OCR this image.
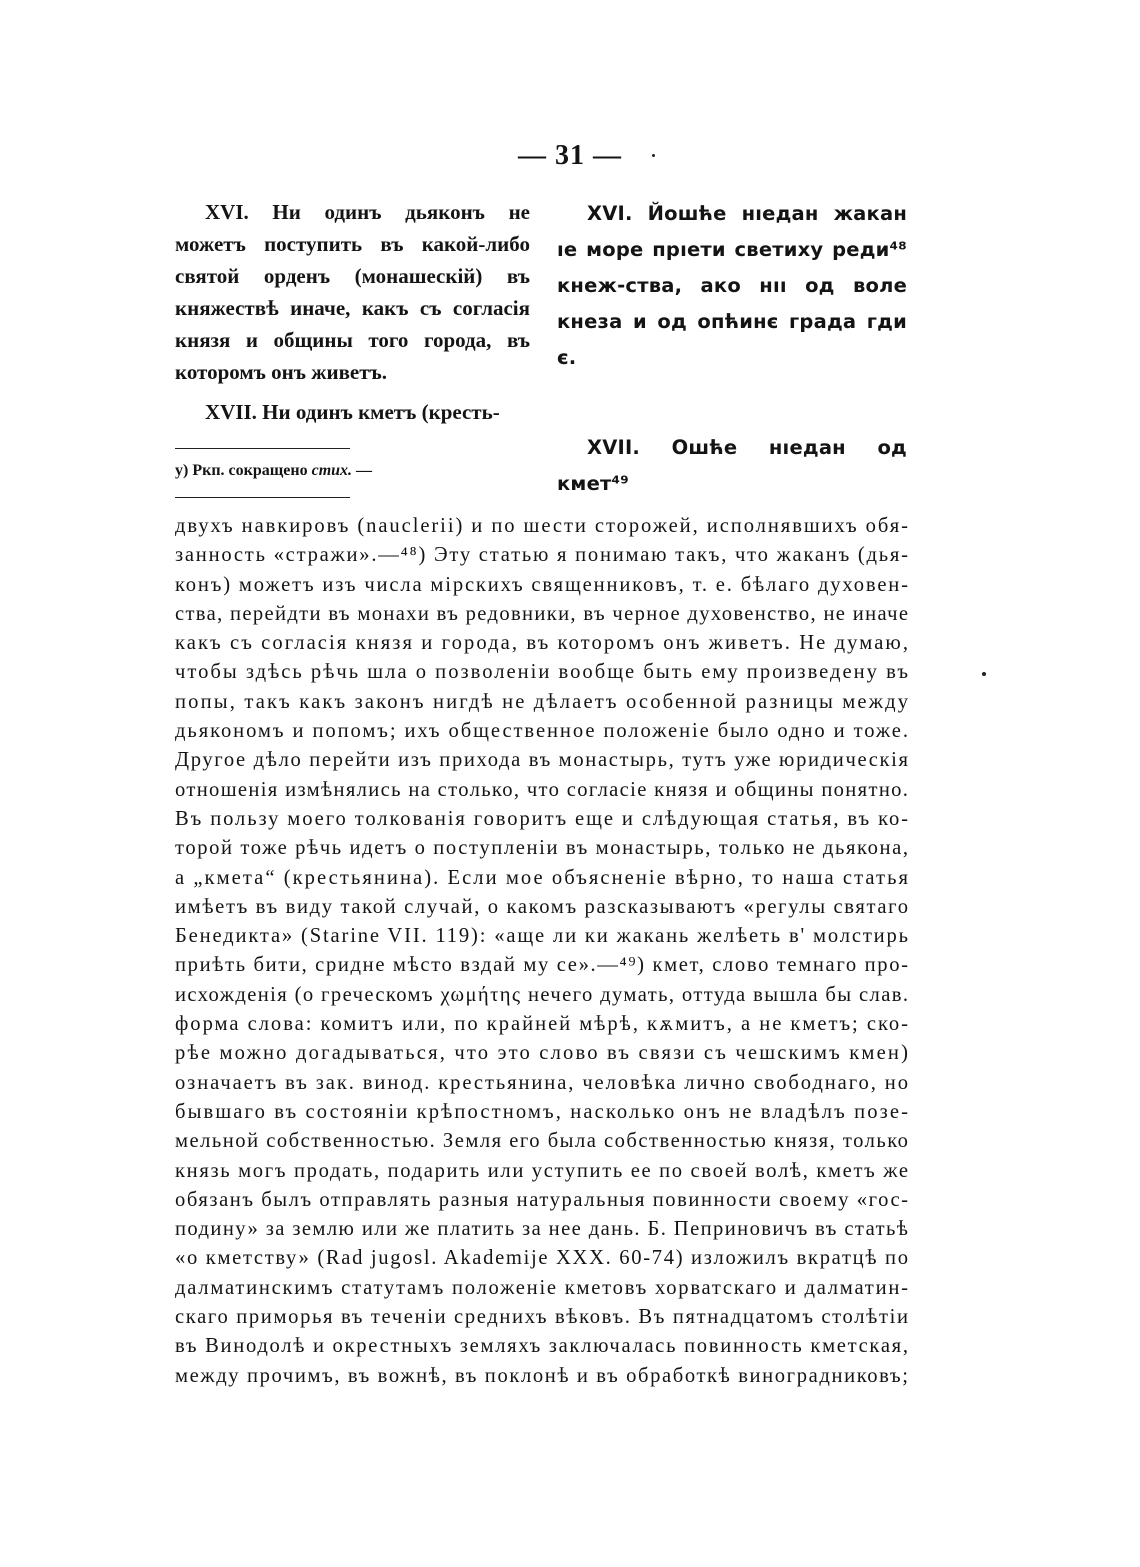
— 31 —

XVI. Ни одинъ дьяконъ не можетъ поступить въ какой-либо святой орденъ (монашескій) въ княжествѣ иначе, какъ съ согласія князя и общины того города, въ которомъ онъ живетъ.

XVII. Ни одинъ кметъ (кресть-

XVI. Йошће нıедан жакан ıе море прıети светиху реди⁴⁸ кнеж-ства, ако нıı од воле кнеза и од опћинє града гди є.

XVII. Ошће нıедан од кмет⁴⁹

у) Ркп. сокращено стих. —
двухъ навкировъ (nauclerii) и по шести сторожей, исполнявшихъ обя-
занность «стражи».—⁴⁸) Эту статью я понимаю такъ, что жаканъ (дья-
конъ) можетъ изъ числа мірскихъ священниковъ, т. е. бѣлаго духовен-
ства, перейдти въ монахи въ редовники, въ черное духовенство, не иначе
какъ съ согласія князя и города, въ которомъ онъ живетъ. Не думаю,
чтобы здѣсь рѣчь шла о позволеніи вообще быть ему произведену въ
попы, такъ какъ законъ нигдѣ не дѣлаетъ особенной разницы между
дьякономъ и попомъ; ихъ общественное положеніе было одно и тоже.
Другое дѣло перейти изъ прихода въ монастырь, тутъ уже юридическія
отношенія измѣнялись на столько, что согласіе князя и общины понятно.
Въ пользу моего толкованія говоритъ еще и слѣдующая статья, въ ко-
торой тоже рѣчь идетъ о поступленіи въ монастырь, только не дьякона,
а „кмета“ (крестьянина). Если мое объясненіе вѣрно, то наша статья
имѣетъ въ виду такой случай, о какомъ разсказываютъ «регулы святаго
Бенедикта» (Starine VII. 119): «аще ли ки жакань желѣеть в' молстирь
приѣть бити, сридне мѣсто вздай му се».—⁴⁹) кмет, слово темнаго про-
исхожденія (о греческомъ χωμήτης нечего думать, оттуда вышла бы слав.
форма слова: комитъ или, по крайней мѣрѣ, кѫмитъ, а не кметъ; ско-
рѣе можно догадываться, что это слово въ связи съ чешскимъ кмен)
означаетъ въ зак. винод. крестьянина, человѣка лично свободнаго, но
бывшаго въ состояніи крѣпостномъ, насколько онъ не владѣлъ позе-
мельной собственностью. Земля его была собственностью князя, только
князь могъ продать, подарить или уступить ее по своей волѣ, кметъ же
обязанъ былъ отправлять разныя натуральныя повинности своему «гос-
подину» за землю или же платить за нее дань. Б. Пеприновичъ въ статьѣ
«о кметству» (Rad jugosl. Akademije XXX. 60-74) изложилъ вкратцѣ по
далматинскимъ статутамъ положеніе кметовъ хорватскаго и далматин-
скаго приморья въ теченіи среднихъ вѣковъ. Въ пятнадцатомъ столѣтіи
въ Винодолѣ и окрестныхъ земляхъ заключалась повинность кметская,
между прочимъ, въ вожнѣ, въ поклонѣ и въ обработкѣ виноградниковъ;
